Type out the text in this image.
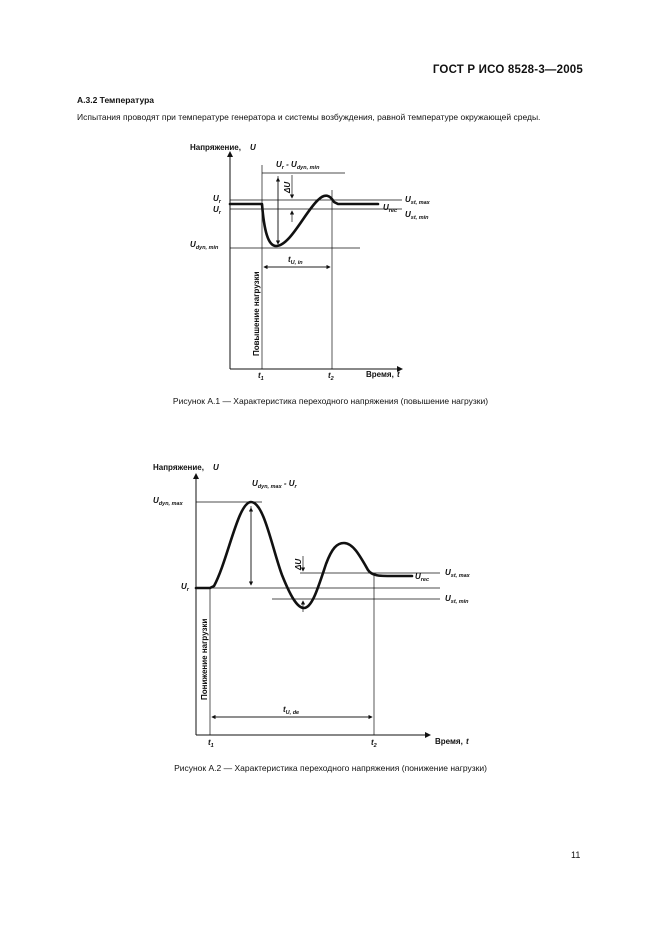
ГОСТ Р ИСО 8528-3—2005
А.3.2 Температура
Испытания проводят при температуре генератора и системы возбуждения, равной температуре окружающей среды.
Напряжение, U
Время, t
$U_r$
$U_r$
$U_{dyn, min}$
$U_r - U_{dyn, min}$
ΔU
$U_{st, max}$
$U_{rec}$ $U_{st, min}$
$t_{U, in}$
$t_1$	$t_2$
Повышение нагрузки
Напряжение, U
Время, t
$U_{dyn, max}$
$U_{dyn, max} - U_r$
ΔU
$U_r$
$U_{st, max}$
$U_{rec}$
$U_{st, min}$
$t_{U, de}$
$t_1$	$t_2$
Понижение нагрузки
Рисунок А.1 — Характеристика переходного напряжения (повышение нагрузки)
Рисунок А.2 — Характеристика переходного напряжения (понижение нагрузки)
11
